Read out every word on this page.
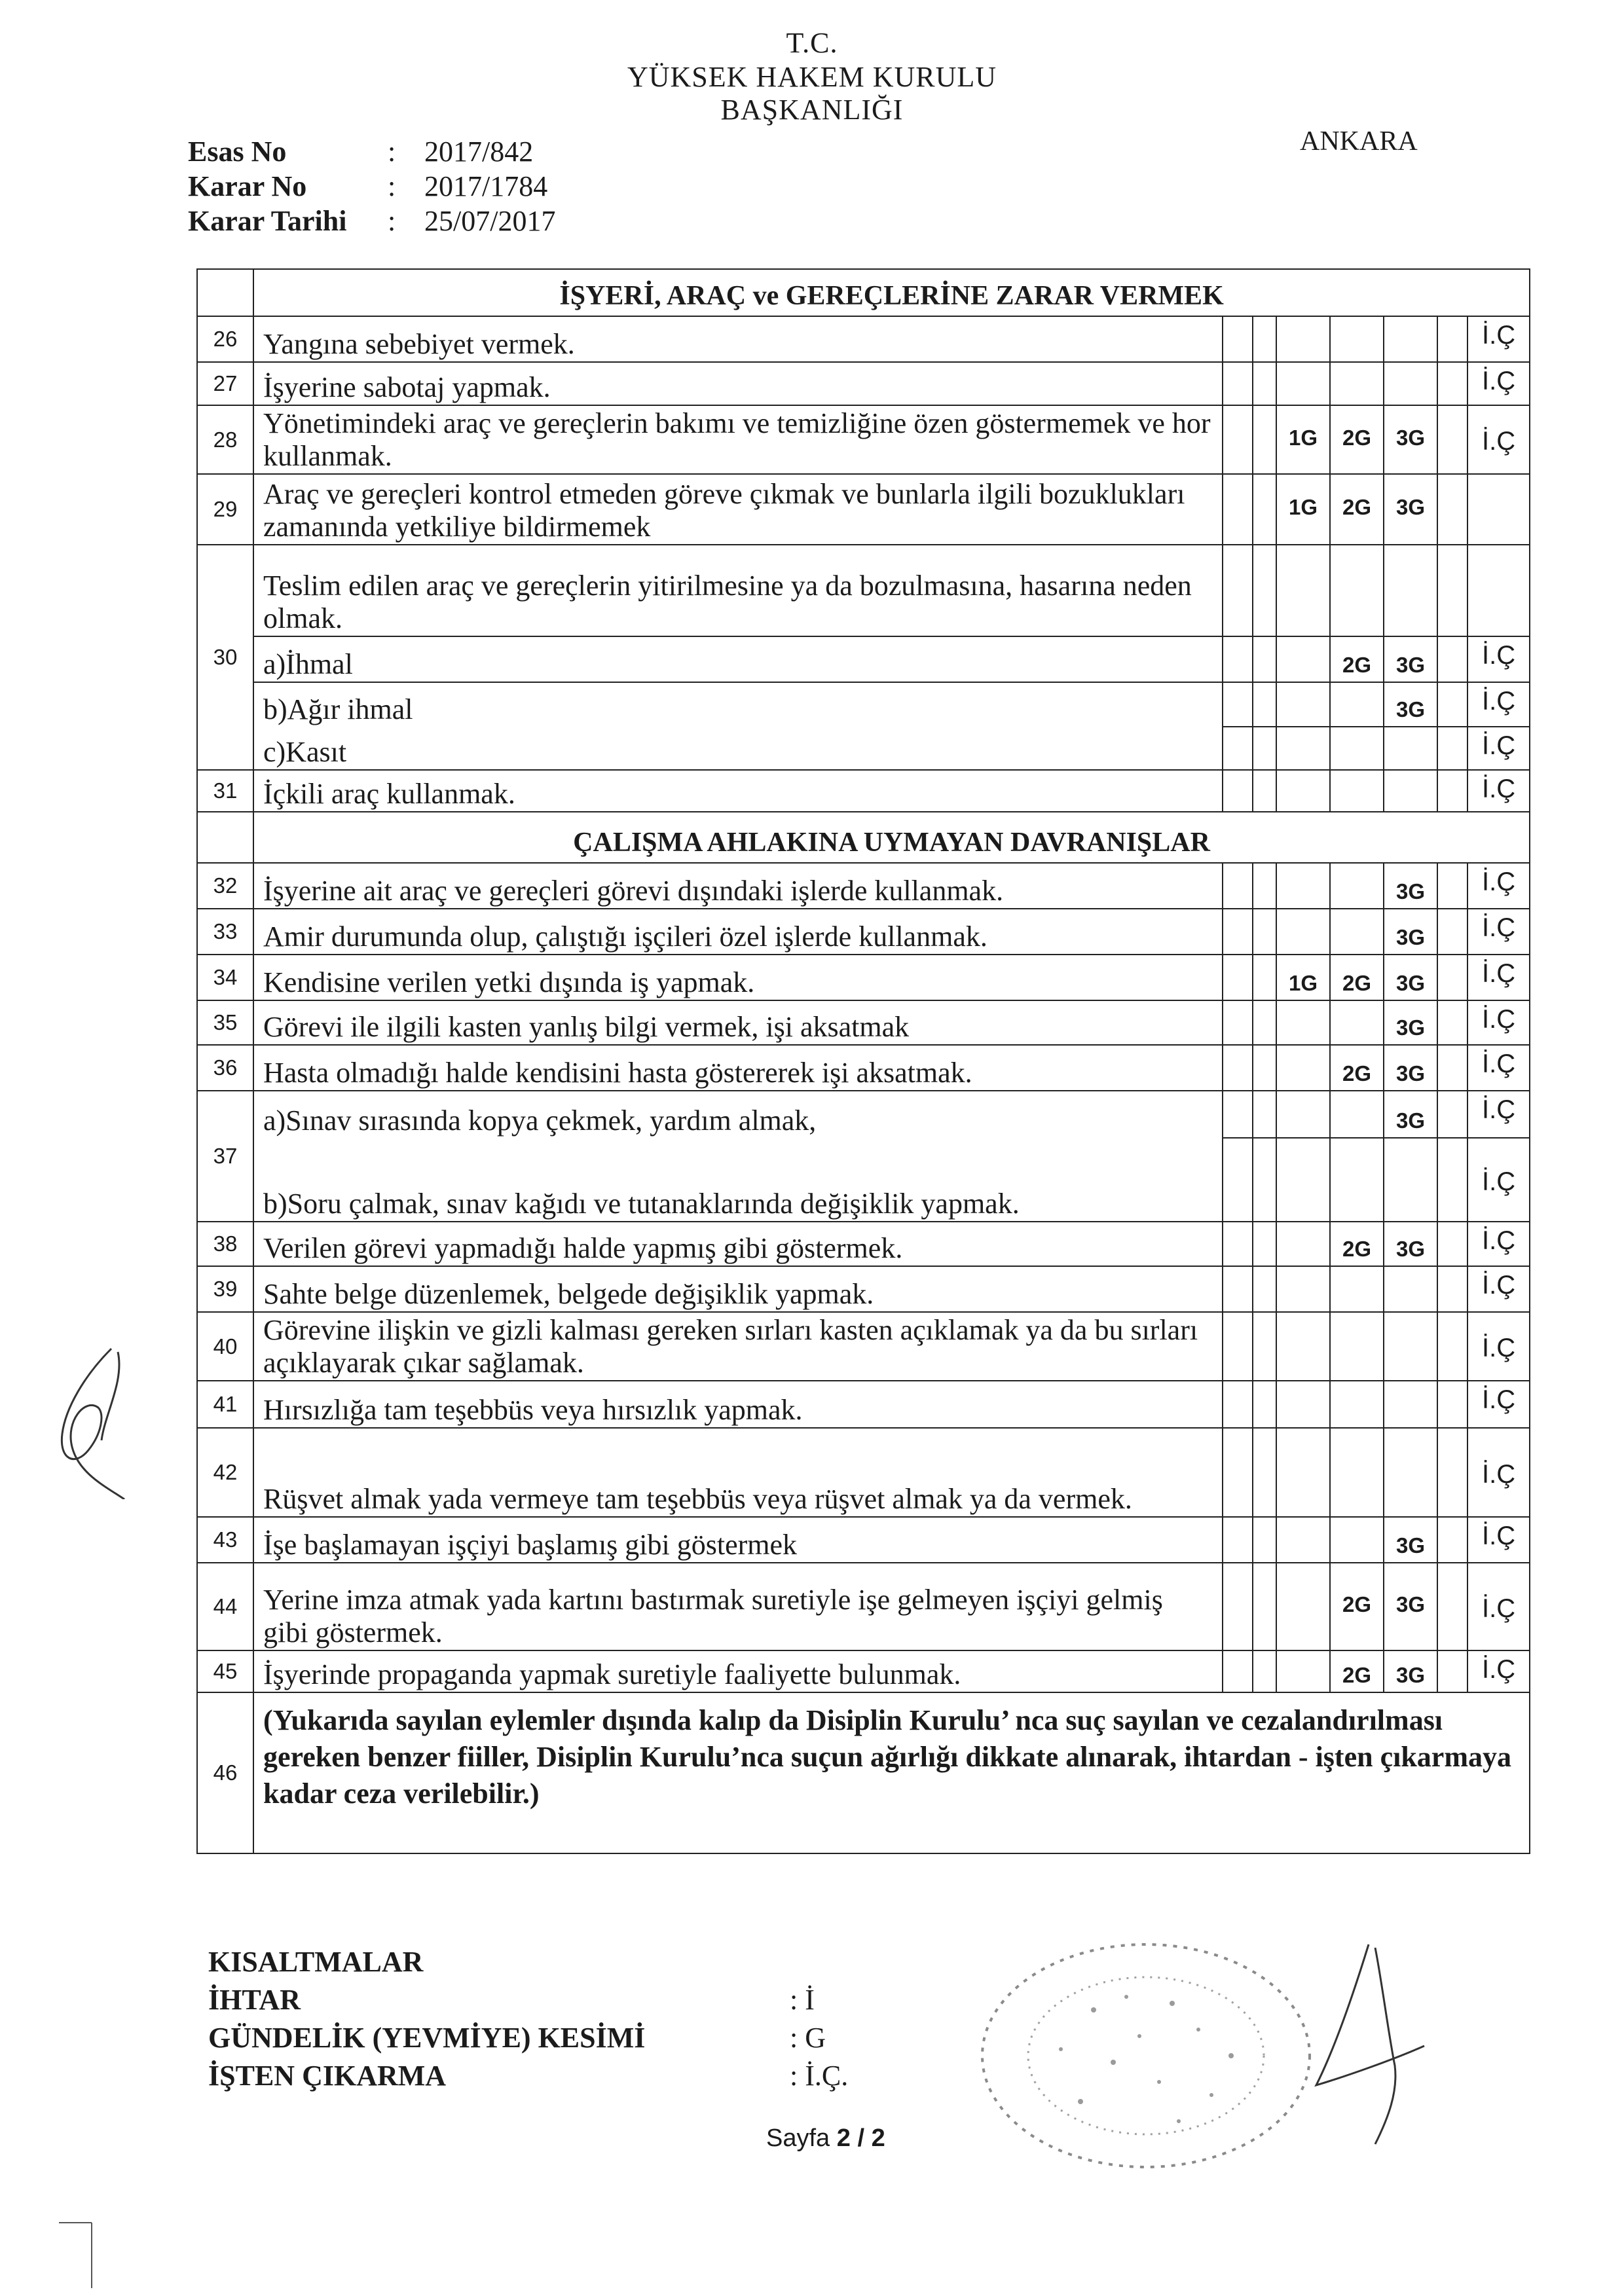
T.C.
YÜKSEK HAKEM KURULU
BAŞKANLIĞI
ANKARA
Esas No	: 2017/842
Karar No	: 2017/1784
Karar Tarihi : 25/07/2017
	İŞYERİ, ARAÇ ve GEREÇLERİNE ZARAR VERMEK							
26	Yangına sebebiyet vermek.							İ.Ç
27	İşyerine sabotaj yapmak.							İ.Ç
28	Yönetimindeki araç ve gereçlerin bakımı ve temizliğine özen göstermemek ve hor kullanmak.			1G	2G	3G		İ.Ç
29	Araç ve gereçleri kontrol etmeden göreve çıkmak ve bunlarla ilgili bozuklukları zamanında yetkiliye bildirmemek			1G	2G	3G		
30	Teslim edilen araç ve gereçlerin yitirilmesine ya da bozulmasına, hasarına neden olmak.							
	a)İhmal				2G	3G		İ.Ç
	b)Ağır ihmal					3G		İ.Ç
	c)Kasıt							İ.Ç
31	İçkili araç kullanmak.							İ.Ç
	ÇALIŞMA AHLAKINA UYMAYAN DAVRANIŞLAR							
32	İşyerine ait araç ve gereçleri görevi dışındaki işlerde kullanmak.					3G		İ.Ç
33	Amir durumunda olup, çalıştığı işçileri özel işlerde kullanmak.					3G		İ.Ç
34	Kendisine verilen yetki dışında iş yapmak.			1G	2G	3G		İ.Ç
35	Görevi ile ilgili kasten yanlış bilgi vermek, işi aksatmak					3G		İ.Ç
36	Hasta olmadığı halde kendisini hasta göstererek işi aksatmak.				2G	3G		İ.Ç
37	a)Sınav sırasında kopya çekmek, yardım almak,					3G		İ.Ç
	b)Soru çalmak, sınav kağıdı ve tutanaklarında değişiklik yapmak.							İ.Ç
38	Verilen görevi yapmadığı halde yapmış gibi göstermek.				2G	3G		İ.Ç
39	Sahte belge düzenlemek, belgede değişiklik yapmak.							İ.Ç
40	Görevine ilişkin ve gizli kalması gereken sırları kasten açıklamak ya da bu sırları açıklayarak çıkar sağlamak.							İ.Ç
41	Hırsızlığa tam teşebbüs veya hırsızlık yapmak.							İ.Ç
42	Rüşvet almak yada vermeye tam teşebbüs veya rüşvet almak ya da vermek.							İ.Ç
43	İşe başlamayan işçiyi başlamış gibi göstermek					3G		İ.Ç
44	Yerine imza atmak yada kartını bastırmak suretiyle işe gelmeyen işçiyi gelmiş gibi göstermek.				2G	3G		İ.Ç
45	İşyerinde propaganda yapmak suretiyle faaliyette bulunmak.				2G	3G		İ.Ç
46	(Yukarıda sayılan eylemler dışında kalıp da Disiplin Kurulu’ nca suç sayılan ve cezalandırılması gereken benzer fiiller, Disiplin Kurulu’nca suçun ağırlığı dikkate alınarak, ihtardan - işten çıkarmaya kadar ceza verilebilir.)							
KISALTMALAR
İHTAR	: İ
GÜNDELİK (YEVMİYE) KESİMİ	: G
İŞTEN ÇIKARMA	: İ.Ç.
Sayfa 2 / 2
